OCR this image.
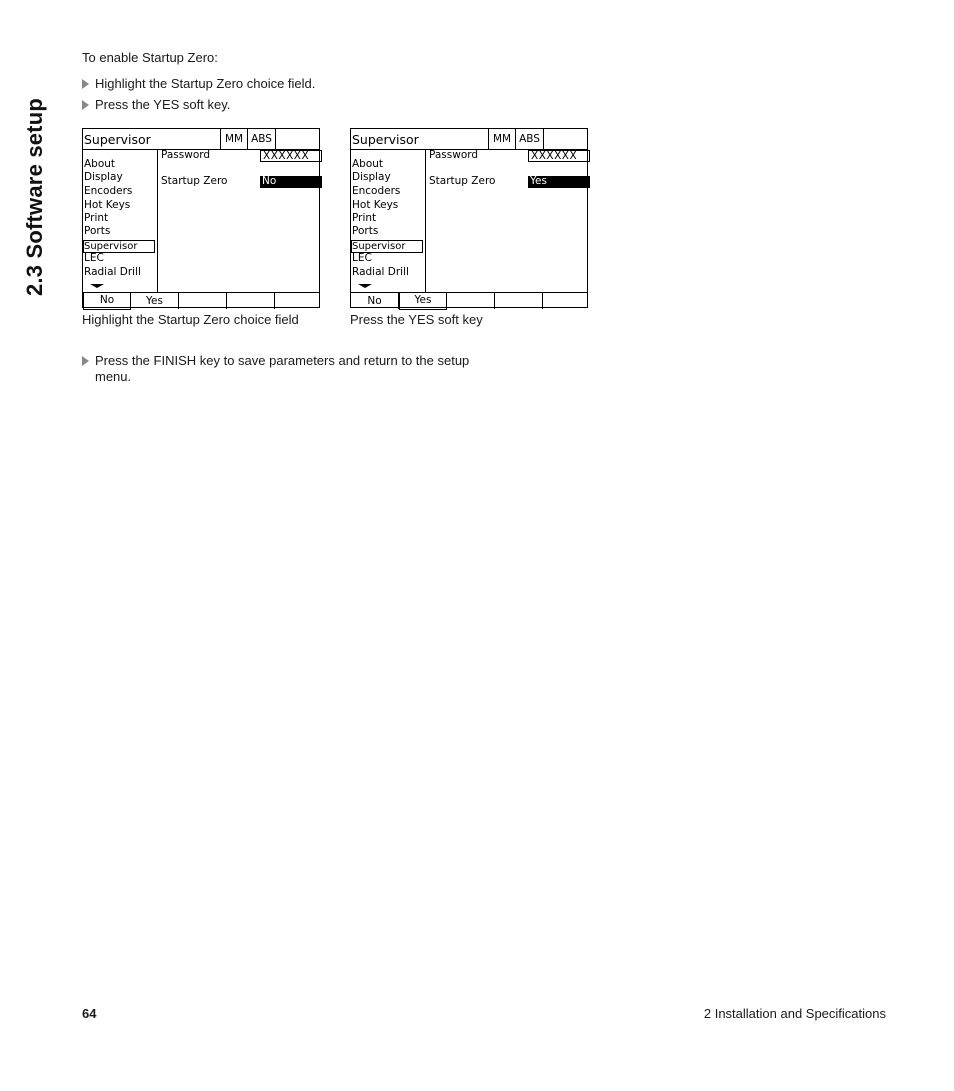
2.3 Software setup
To enable Startup Zero:
Highlight the Startup Zero choice field.
Press the YES soft key.
Supervisor	MM ABS
About
Display
Encoders
Hot Keys
Print
Ports
Supervisor
LEC
Radial Drill
Password	XXXXXX
Startup Zero	No
No	Yes
Highlight the Startup Zero choice field
Supervisor	MM ABS
About
Display
Encoders
Hot Keys
Print
Ports
Supervisor
LEC
Radial Drill
Password	XXXXXX
Startup Zero	Yes
No	Yes
Press the YES soft key
Press the FINISH key to save parameters and return to the setup
menu.
64	2 Installation and Specifications
